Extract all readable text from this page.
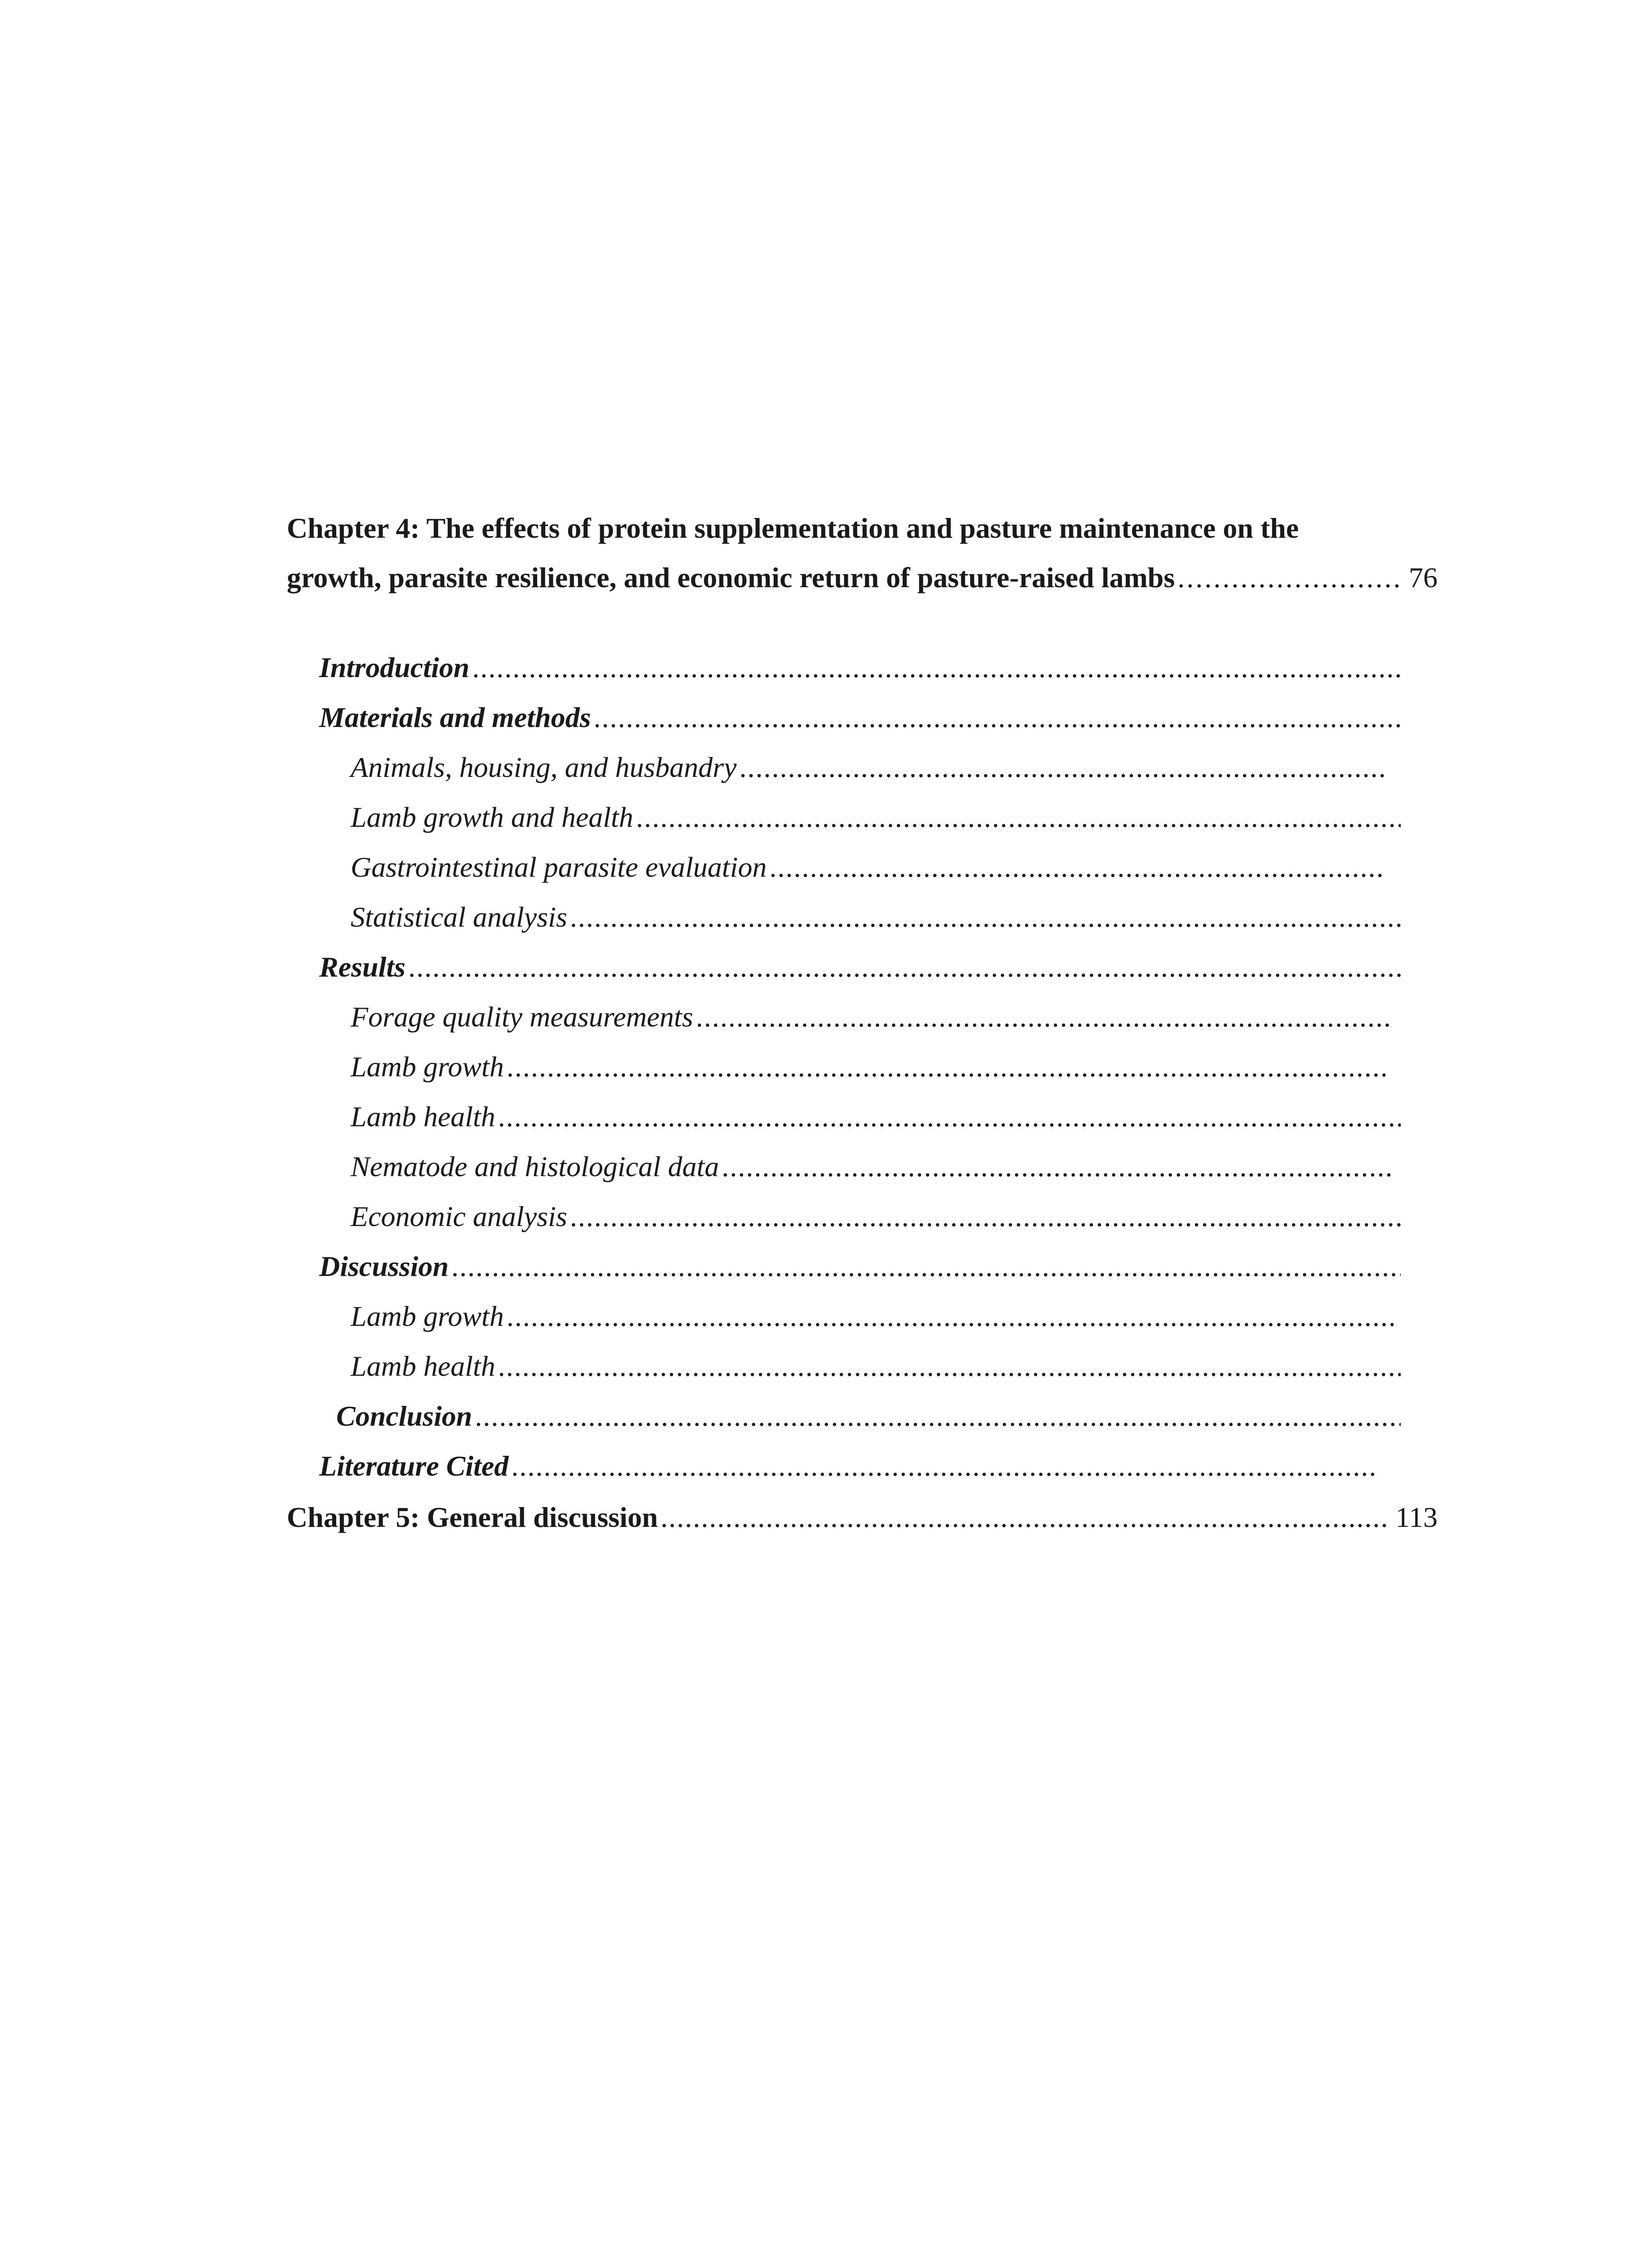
Chapter 4: The effects of protein supplementation and pasture maintenance on the
growth, parasite resilience, and economic return of pasture-raised lambs .....	76
Introduction
.....
Materials and methods
.....
Animals, housing, and husbandry
.....
Lamb growth and health
.....
Gastrointestinal parasite evaluation
.....
Statistical analysis
.....
Results
.....
Forage quality measurements
.....
Lamb growth
.....
Lamb health
.....
Nematode and histological data
.....
Economic analysis
.....
Discussion
.....
Lamb growth
.....
Lamb health
.....
Conclusion
.....
Literature Cited
.....
Chapter 5: General discussion .....	113
